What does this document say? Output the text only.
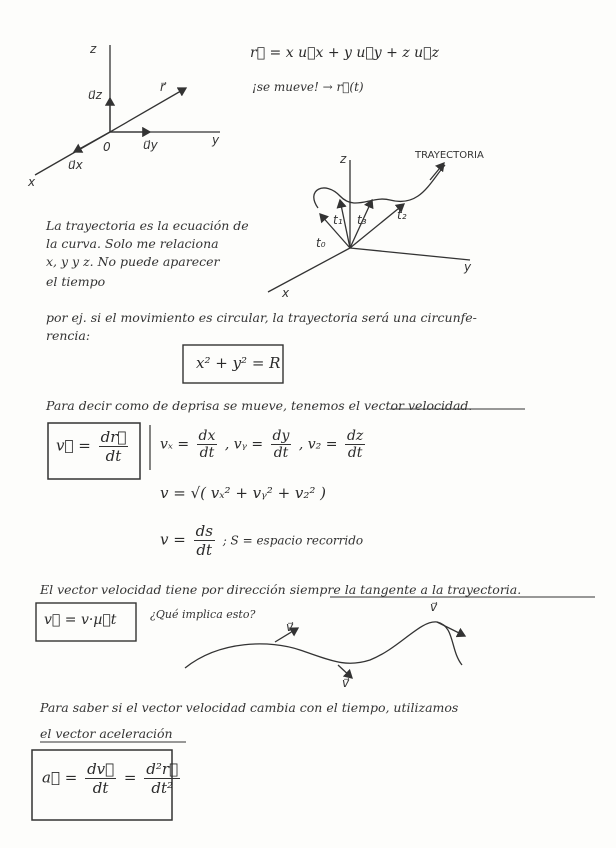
z
y
x
0
u⃗z
u⃗y
u⃗x
r⃗
r⃗ = x u⃗x + y u⃗y + z u⃗z
¡se mueve! → r⃗(t)
z
y
x
TRAYECTORIA
t₀
t₁ t₃	t₂
La trayectoria es la ecuación de
la curva. Solo me relaciona
x, y y z. No puede aparecer
el tiempo
por ej. si el movimiento es circular, la trayectoria será una circunfe-
rencia:
x² + y² = R
Para decir como de deprisa se mueve, tenemos el vector velocidad.
v⃗ = $\frac{dr⃗}{dt}$ $v_x = \frac{dx}{dt}$ , vᵧ = $\frac{dy}{dt}$ , $v_2 = \frac{dz}{dt}$
v = √( vₓ² + vᵧ² + v₂² )
$v = \frac{ds}{dt}$ ; S = espacio recorrido
El vector velocidad tiene por dirección siempre la tangente a la trayectoria.
v⃗ = v·µ⃗t	¿Qué implica esto?
v⃗
v⃗
v⃗
Para saber si el vector velocidad cambia con el tiempo, utilizamos
el vector aceleración
a⃗ = $\frac{dv⃗}{dt} = \frac{\text{d²r⃗}}{\text{dt²}}$
